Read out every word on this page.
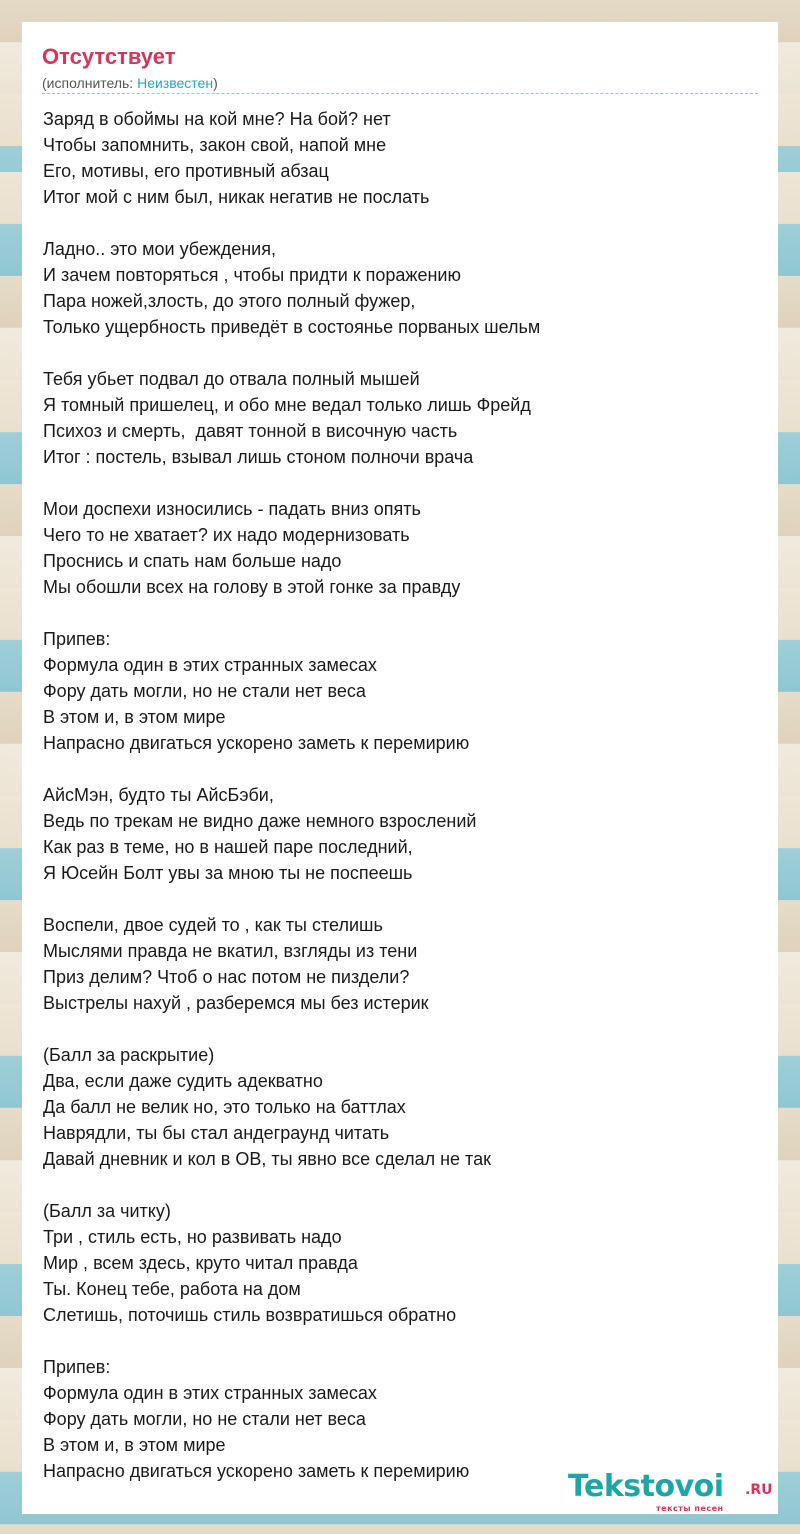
Отсутствует
(исполнитель: Неизвестен)
Заряд в обоймы на кой мне? На бой? нет
Чтобы запомнить, закон свой, напой мне
Его, мотивы, его противный абзац
Итог мой с ним был, никак негатив не послать
Ладно.. это мои убеждения,
И зачем повторяться , чтобы придти к поражению
Пара ножей,злость, до этого полный фужер,
Только ущербность приведёт в состоянье порваных шельм
Тебя убьет подвал до отвала полный мышей
Я томный пришелец, и обо мне ведал только лишь Фрейд
Психоз и смерть,  давят тонной в височную часть
Итог : постель, взывал лишь стоном полночи врача
Мои доспехи износились - падать вниз опять
Чего то не хватает? их надо модернизовать
Проснись и спать нам больше надо
Мы обошли всех на голову в этой гонке за правду
Припев:
Формула один в этих странных замесах
Фору дать могли, но не стали нет веса
В этом и, в этом мире
Напрасно двигаться ускорено заметь к перемирию
АйсМэн, будто ты АйсБэби,
Ведь по трекам не видно даже немного взрослений
Как раз в теме, но в нашей паре последний,
Я Юсейн Болт увы за мною ты не поспеешь
Воспели, двое судей то , как ты стелишь
Мыслями правда не вкатил, взгляды из тени
Приз делим? Чтоб о нас потом не пиздели?
Выстрелы нахуй , разберемся мы без истерик
(Балл за раскрытие)
Два, если даже судить адекватно
Да балл не велик но, это только на баттлах
Наврядли, ты бы стал андеграунд читать
Давай дневник и кол в ОВ, ты явно все сделал не так
(Балл за читку)
Три , стиль есть, но развивать надо
Мир , всем здесь, круто читал правда
Ты. Конец тебе, работа на дом
Слетишь, поточишь стиль возвратишься обратно
Припев:
Формула один в этих странных замесах
Фору дать могли, но не стали нет веса
В этом и, в этом мире
Напрасно двигаться ускорено заметь к перемирию	Tekstovoi .RU
тексты песен
